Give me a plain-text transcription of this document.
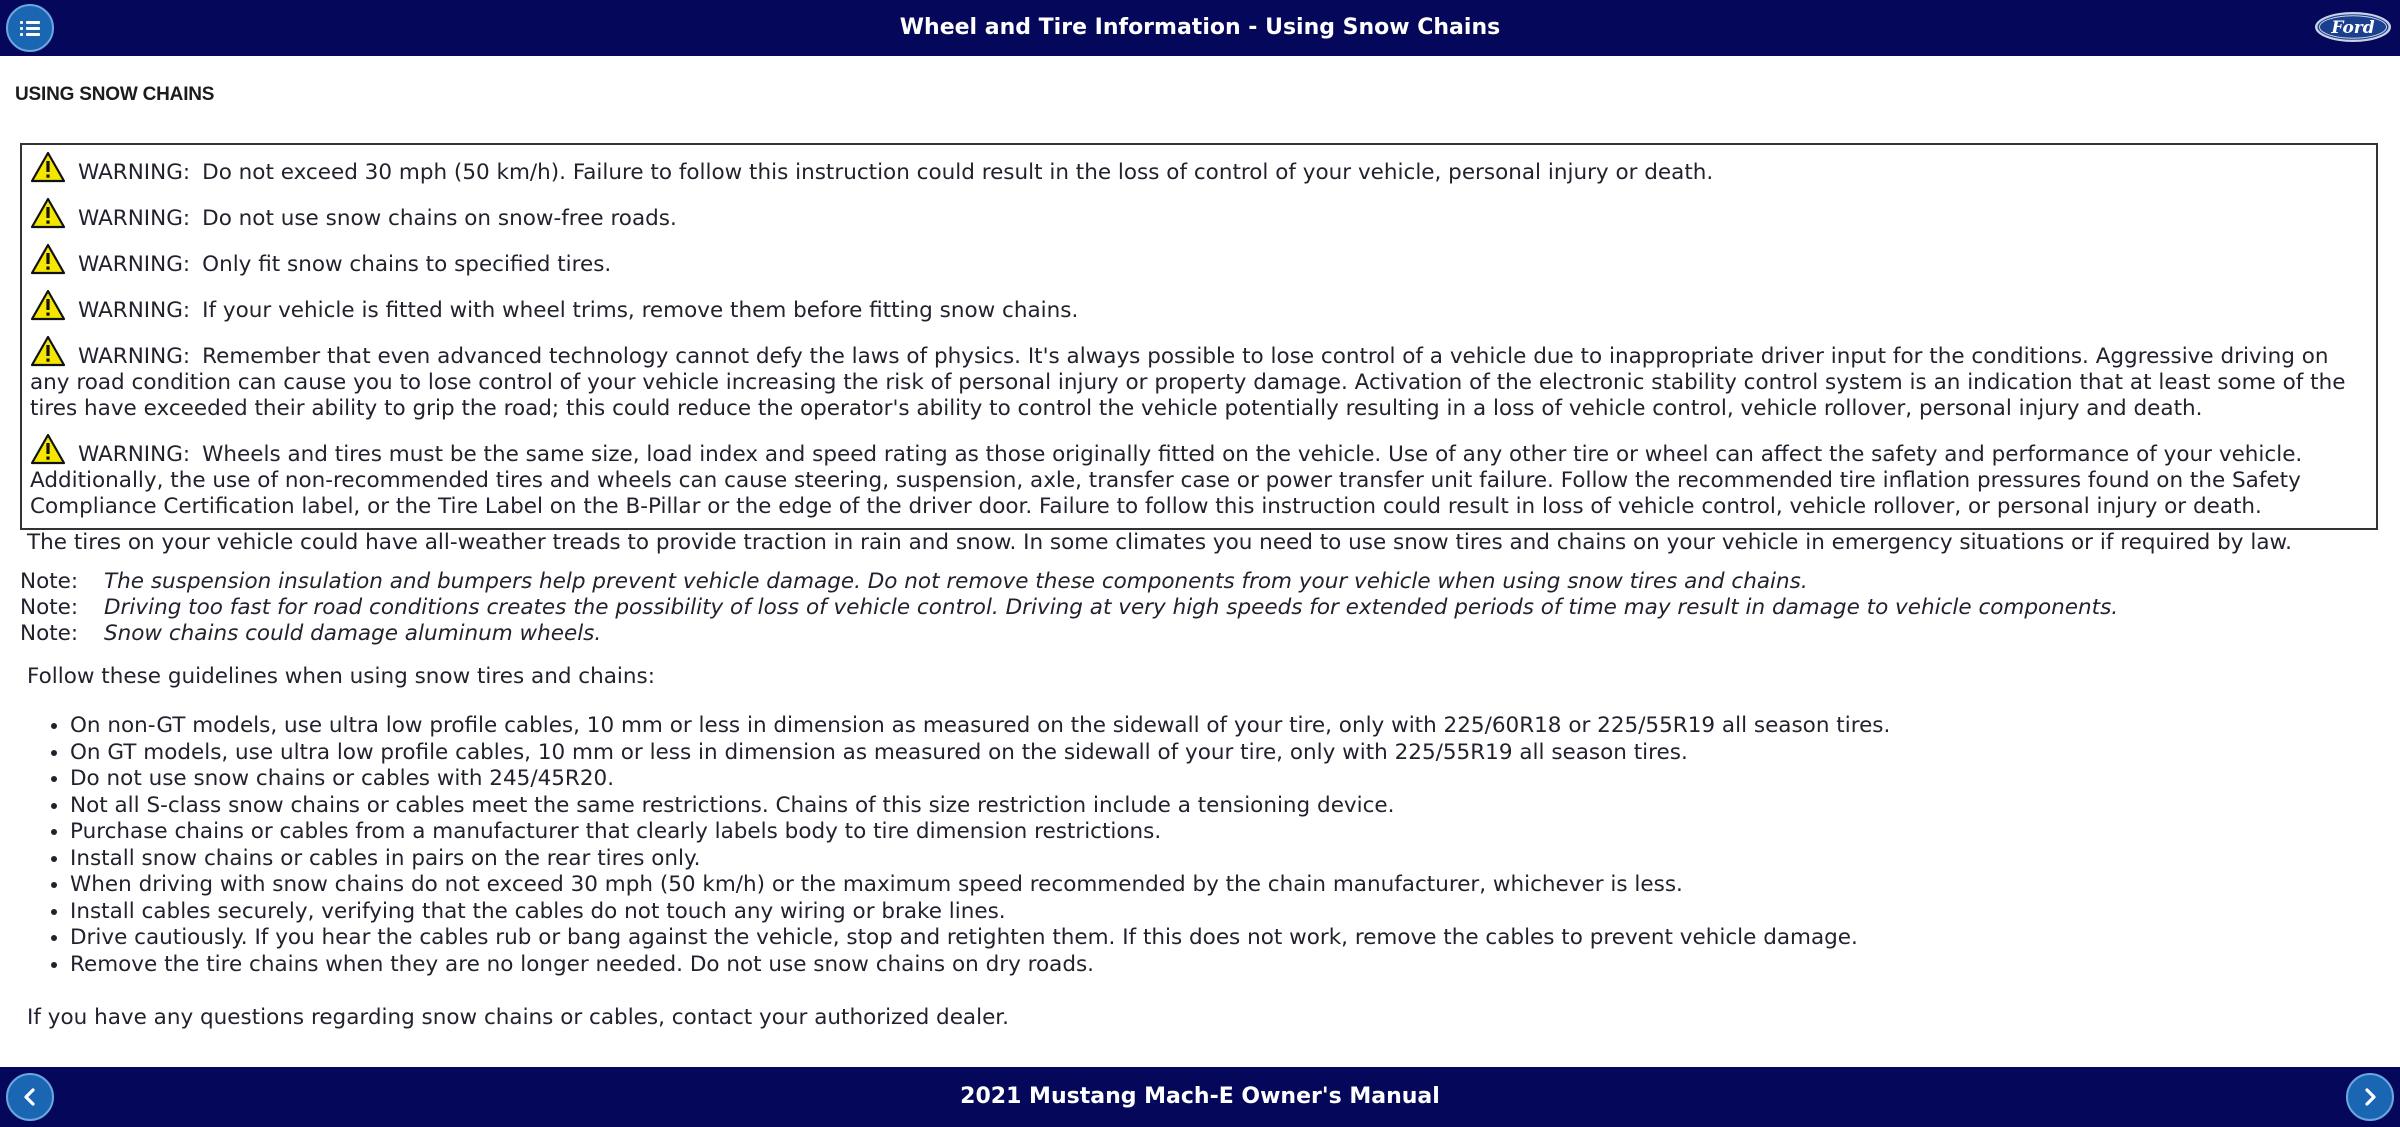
Wheel and Tire Information - Using Snow Chains	Ford
USING SNOW CHAINS
WARNING: Do not exceed 30 mph (50 km/h). Failure to follow this instruction could result in the loss of control of your vehicle, personal injury or death.
WARNING: Do not use snow chains on snow-free roads.
WARNING: Only fit snow chains to specified tires.
WARNING: If your vehicle is fitted with wheel trims, remove them before fitting snow chains.
WARNING: Remember that even advanced technology cannot defy the laws of physics. It's always possible to lose control of a vehicle due to inappropriate driver input for the conditions. Aggressive driving on any road condition can cause you to lose control of your vehicle increasing the risk of personal injury or property damage. Activation of the electronic stability control system is an indication that at least some of the tires have exceeded their ability to grip the road; this could reduce the operator's ability to control the vehicle potentially resulting in a loss of vehicle control, vehicle rollover, personal injury and death.
WARNING: Wheels and tires must be the same size, load index and speed rating as those originally fitted on the vehicle. Use of any other tire or wheel can affect the safety and performance of your vehicle. Additionally, the use of non-recommended tires and wheels can cause steering, suspension, axle, transfer case or power transfer unit failure. Follow the recommended tire inflation pressures found on the Safety Compliance Certification label, or the Tire Label on the B-Pillar or the edge of the driver door. Failure to follow this instruction could result in loss of vehicle control, vehicle rollover, or personal injury or death.
The tires on your vehicle could have all-weather treads to provide traction in rain and snow. In some climates you need to use snow tires and chains on your vehicle in emergency situations or if required by law.
Note: The suspension insulation and bumpers help prevent vehicle damage. Do not remove these components from your vehicle when using snow tires and chains.
Note: Driving too fast for road conditions creates the possibility of loss of vehicle control. Driving at very high speeds for extended periods of time may result in damage to vehicle components.
Note: Snow chains could damage aluminum wheels.
Follow these guidelines when using snow tires and chains:
• On non-GT models, use ultra low profile cables, 10 mm or less in dimension as measured on the sidewall of your tire, only with 225/60R18 or 225/55R19 all season tires.
• On GT models, use ultra low profile cables, 10 mm or less in dimension as measured on the sidewall of your tire, only with 225/55R19 all season tires.
• Do not use snow chains or cables with 245/45R20.
• Not all S-class snow chains or cables meet the same restrictions. Chains of this size restriction include a tensioning device.
• Purchase chains or cables from a manufacturer that clearly labels body to tire dimension restrictions.
• Install snow chains or cables in pairs on the rear tires only.
• When driving with snow chains do not exceed 30 mph (50 km/h) or the maximum speed recommended by the chain manufacturer, whichever is less.
• Install cables securely, verifying that the cables do not touch any wiring or brake lines.
• Drive cautiously. If you hear the cables rub or bang against the vehicle, stop and retighten them. If this does not work, remove the cables to prevent vehicle damage.
• Remove the tire chains when they are no longer needed. Do not use snow chains on dry roads.
If you have any questions regarding snow chains or cables, contact your authorized dealer.
2021 Mustang Mach-E Owner's Manual
